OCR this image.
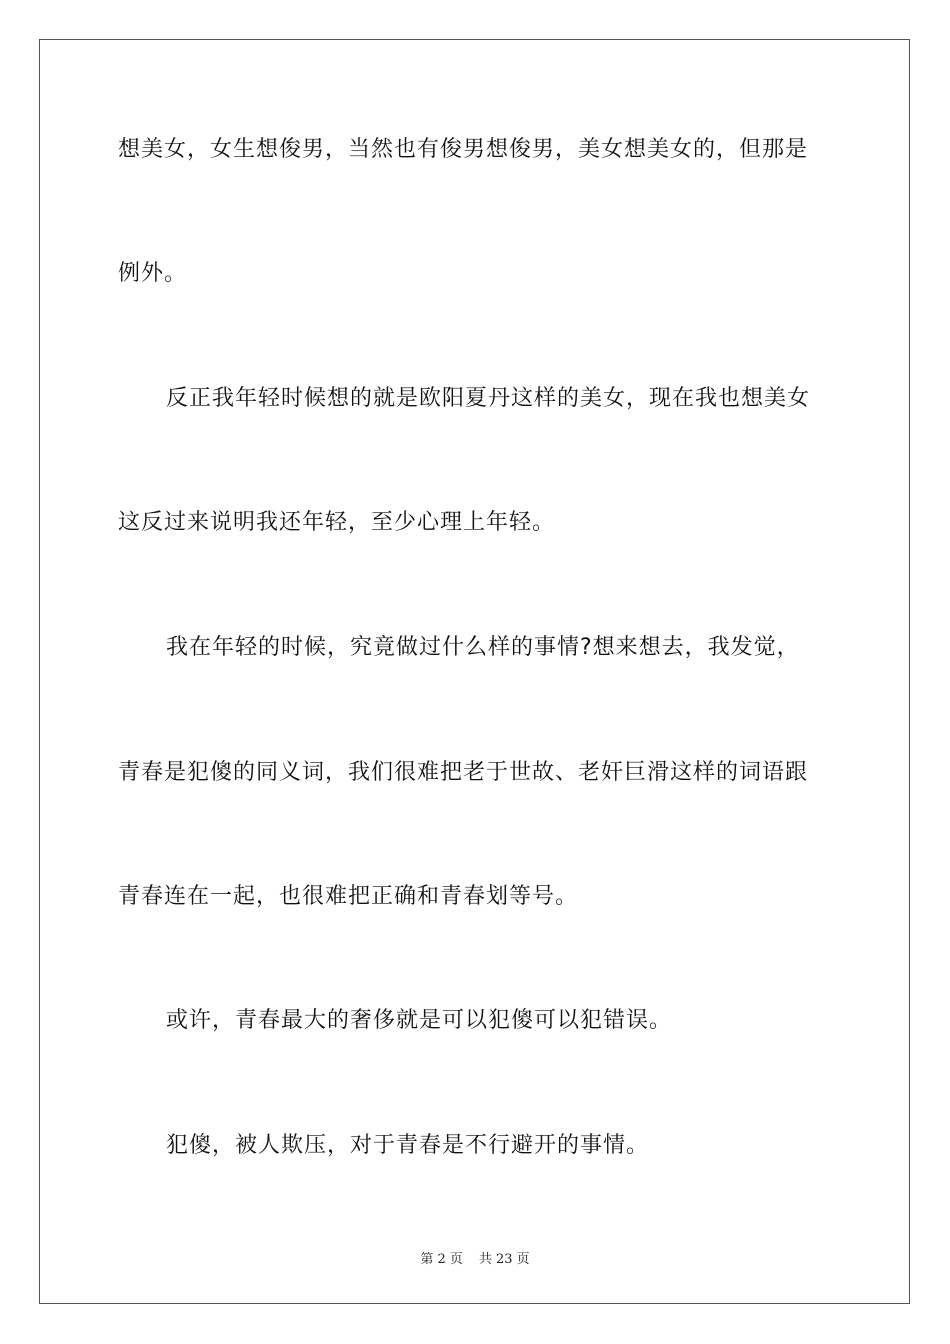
想美女，女生想俊男，当然也有俊男想俊男，美女想美女的，但那是
例外。
反正我年轻时候想的就是欧阳夏丹这样的美女，现在我也想美女
这反过来说明我还年轻，至少心理上年轻。
我在年轻的时候，究竟做过什么样的事情?想来想去，我发觉，
青春是犯傻的同义词，我们很难把老于世故、老奸巨滑这样的词语跟
青春连在一起，也很难把正确和青春划等号。
或许，青春最大的奢侈就是可以犯傻可以犯错误。
犯傻，被人欺压，对于青春是不行避开的事情。
第 2 页 共 23 页
